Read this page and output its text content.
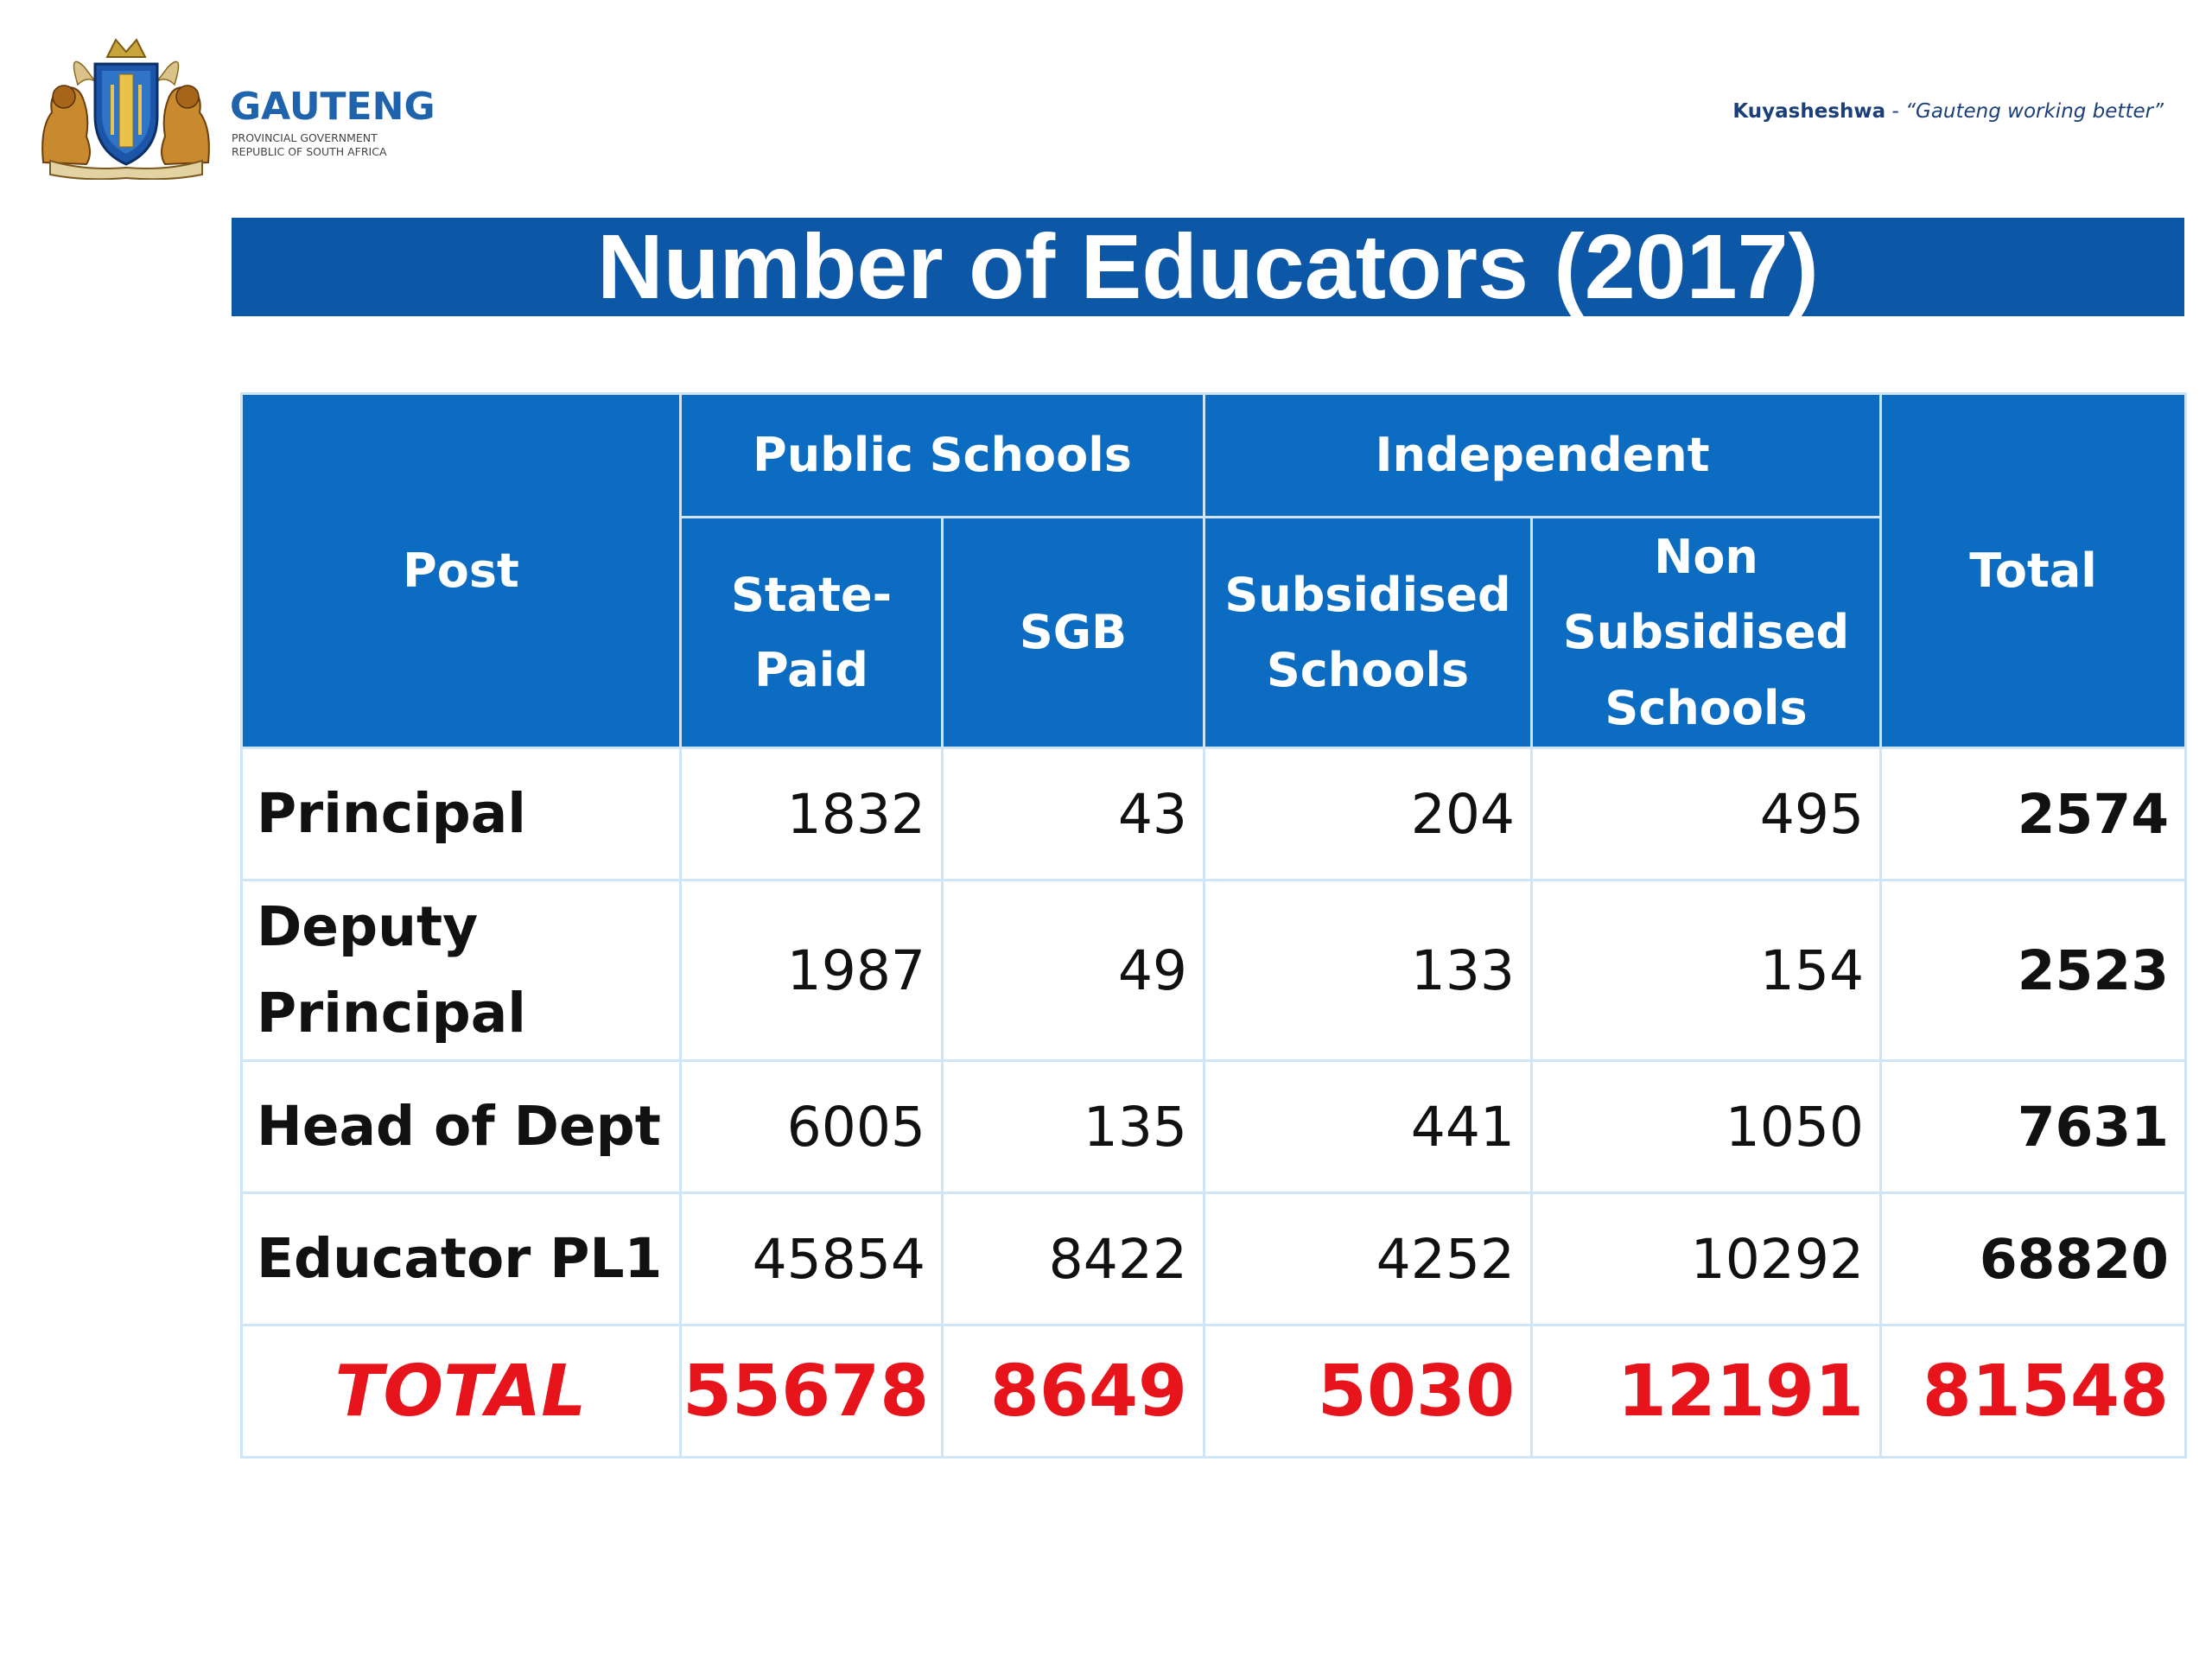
GAUTENG
PROVINCIAL GOVERNMENT
REPUBLIC OF SOUTH AFRICA
Kuyasheshwa - “Gauteng working better”
Number of Educators (2017)
Post	Public Schools		Independent		Total
	State-Paid	SGB	Subsidised Schools	Non Subsidised Schools	
Principal	1832	43	204	495	2574
Deputy Principal	1987	49	133	154	2523
Head of Dept	6005	135	441	1050	7631
Educator PL1	45854	8422	4252	10292	68820
TOTAL	55678	8649	5030	12191	81548
